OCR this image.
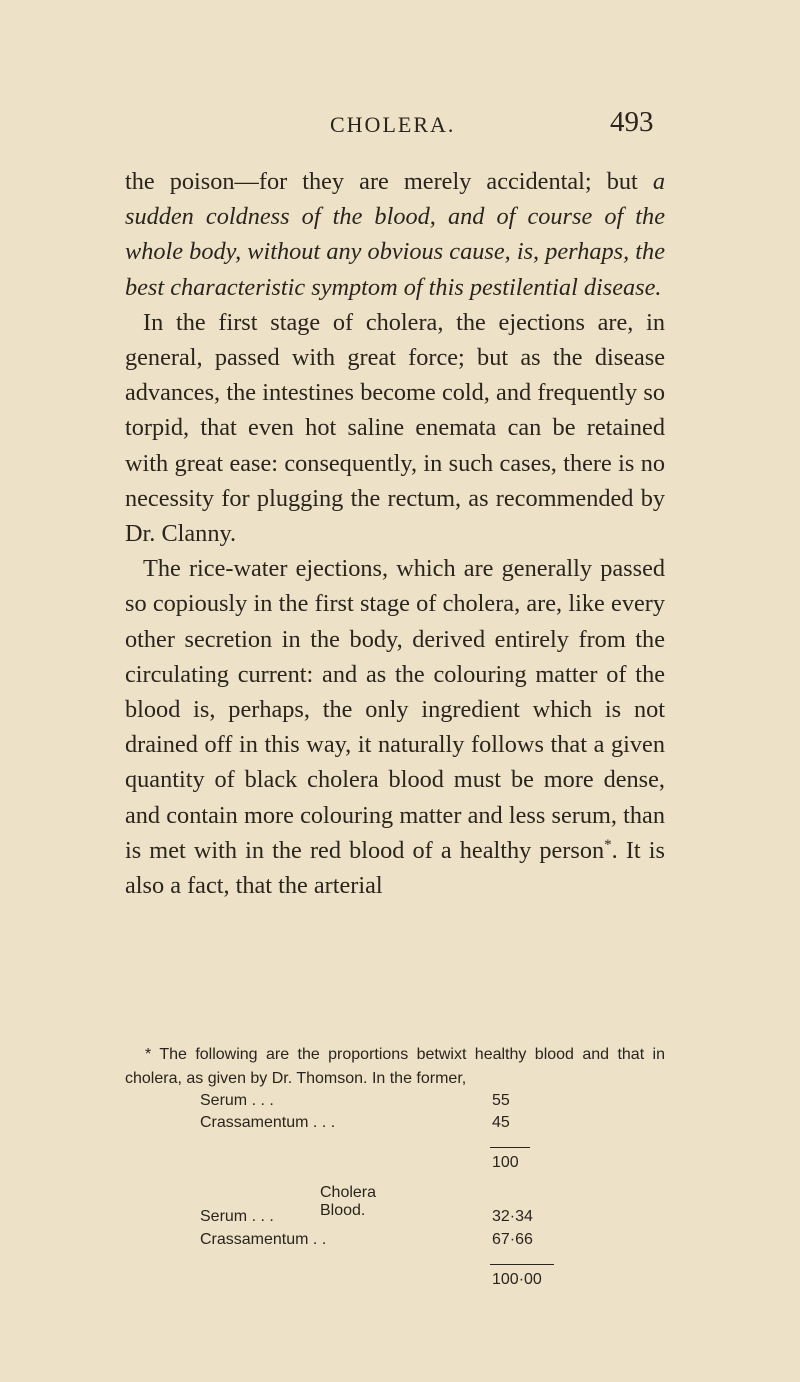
CHOLERA.	493

the poison—for they are merely accidental; but a sudden coldness of the blood, and of course of the whole body, without any obvious cause, is, perhaps, the best characteristic symptom of this pestilential disease.

In the first stage of cholera, the ejections are, in general, passed with great force; but as the disease advances, the intestines become cold, and frequently so torpid, that even hot saline enemata can be retained with great ease: consequently, in such cases, there is no necessity for plugging the rectum, as recommended by Dr. Clanny.

The rice-water ejections, which are generally passed so copiously in the first stage of cholera, are, like every other secretion in the body, derived entirely from the circulating current: and as the colouring matter of the blood is, perhaps, the only ingredient which is not drained off in this way, it naturally follows that a given quantity of black cholera blood must be more dense, and contain more colouring matter and less serum, than is met with in the red blood of a healthy person*. It is also a fact, that the arterial

* The following are the proportions betwixt healthy blood and that in cholera, as given by Dr. Thomson. In the former,

Serum . . .	55
Crassamentum . . .	45
100
Cholera Blood.
Serum . . .	32·34
Crassamentum . .	67·66
100·00
